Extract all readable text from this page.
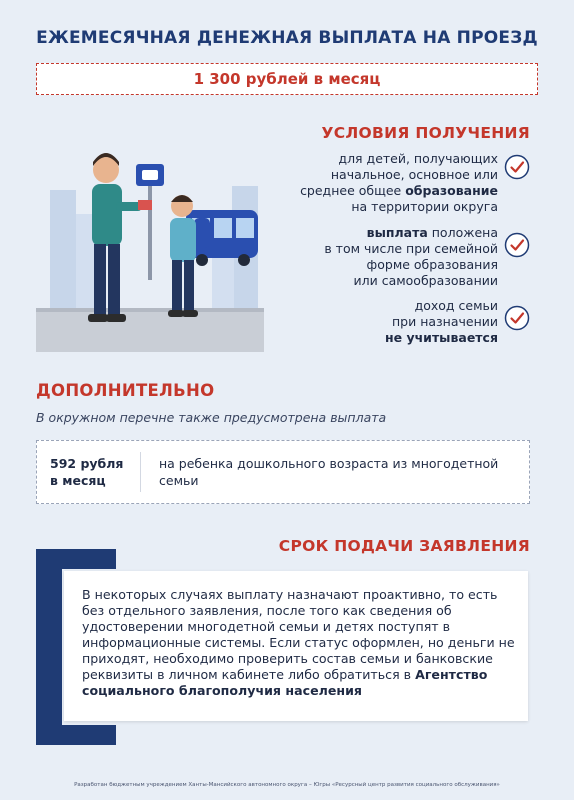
ЕЖЕМЕСЯЧНАЯ ДЕНЕЖНАЯ ВЫПЛАТА НА ПРОЕЗД
1 300 рублей в месяц
УСЛОВИЯ ПОЛУЧЕНИЯ
для детей, получающих
начальное, основное или
среднее общее образование
на территории округа
выплата положена
в том числе при семейной
форме образования
или самообразовании
доход семьи
при назначении
не учитывается
ДОПОЛНИТЕЛЬНО
В окружном перечне также предусмотрена выплата
592 рубля
в месяц
на ребенка дошкольного возраста из многодетной семьи
СРОК ПОДАЧИ ЗАЯВЛЕНИЯ
В некоторых случаях выплату назначают проактивно, то есть без отдельного заявления, после того как сведения об удостоверении многодетной семьи и детях поступят в информационные системы. Если статус оформлен, но деньги не приходят, необходимо проверить состав семьи и банковские реквизиты в личном кабинете либо обратиться в Агентство социального благополучия населения
Разработан бюджетным учреждением Ханты-Мансийского автономного округа – Югры «Ресурсный центр развития социального обслуживания»
